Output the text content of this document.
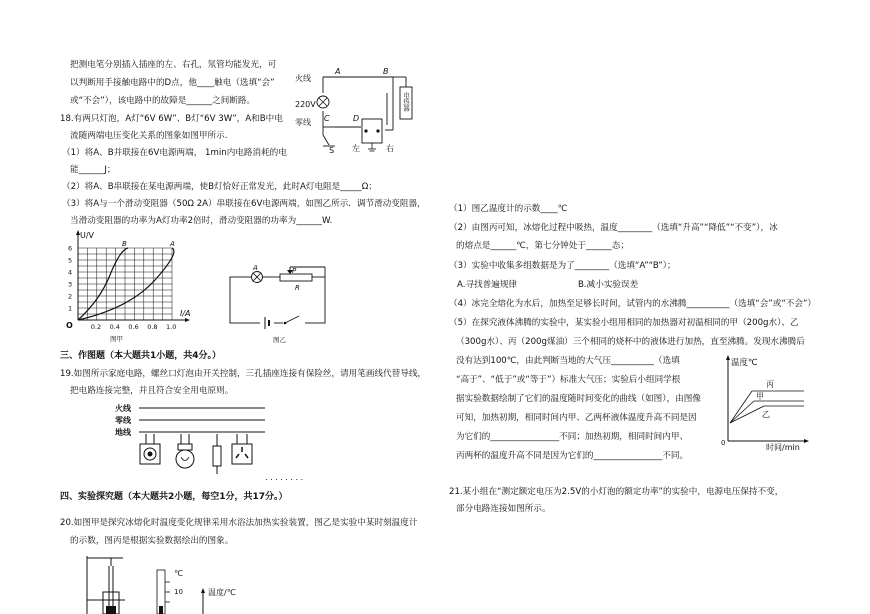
把测电笔分别插入插座的左、右孔，氖管均能发光，可
以判断用手接触电路中的D点，他____触电（选填“会”
或“不会”），该电路中的故障是______之间断路。
18.有两只灯泡，A灯“6V 6W”、B灯“6V 3W”，A和B中电
流随两端电压变化关系的图象如图甲所示.
（1）将A、B并联接在6V电源两端， 1min内电路消耗的电
能______J；
（2）将A、B串联接在某电源两端，使B灯恰好正常发光，此时A灯电阻是_____Ω；
（3）将A与一个滑动变阻器（50Ω 2A）串联接在6V电源两端，如图乙所示．调节滑动变阻器，
当滑动变阻器的功率为A灯功率2倍时，滑动变阻器的功率为______W.
三、作图题（本大题共1小题，共4分。）
19.如图所示家庭电路，螺丝口灯泡由开关控制，三孔插座连接有保险丝，请用笔画线代替导线，
把电路连接完整，并且符合安全用电原则。
四、实验探究题（本大题共2小题，每空1分，共17分。）
20.如图甲是探究冰熔化时温度变化规律采用水浴法加热实验装置，图乙是实验中某时刻温度计
的示数，图丙是根据实验数据绘出的图象。
（1）图乙温度计的示数____℃
（2）由图丙可知，冰熔化过程中吸热，温度________（选填“升高”“降低”“不变”），冰
的熔点是______℃，第七分钟处于______态；
（3）实验中收集多组数据是为了________（选填“A”“B”）；
A.寻找普遍规律	B.减小实验误差
（4）冰完全熔化为水后，加热至足够长时间，试管内的水沸腾__________（选填“会”或“不会”）
（5）在探究液体沸腾的实验中，某实验小组用相同的加热器对初温相同的甲（200g水）、乙
（300g水）、丙（200g煤油）三个相同的烧杯中的液体进行加热，直至沸腾。发现水沸腾后
没有达到100℃，由此判断当地的大气压__________（选填
“高于”、“低于”或“等于”）标准大气压；实验后小组同学根
据实验数据绘制了它们的温度随时间变化的曲线（如图），由图像
可知，加热初期，相同时间内甲、乙两杯液体温度升高不同是因
为它们的________________不同；加热初期，相同时间内甲、
丙两杯的温度升高不同是因为它们的________________不同。
21.某小组在“测定额定电压为2.5V的小灯泡的额定功率”的实验中，电源电压保持不变，
部分电路连接如图所示。
火线
220V
零线
A	B
C	D
电热器
S 左	右
U/V
I/A
6
5
4
3
2
1
0.2 0.4 0.6 0.8 1.0
B	A
O
图甲
A	P
R
图乙
火线
零线
地线
. . . . . . . .
温度℃
时间/min
0
丙
甲
乙
℃
10	温度/℃
